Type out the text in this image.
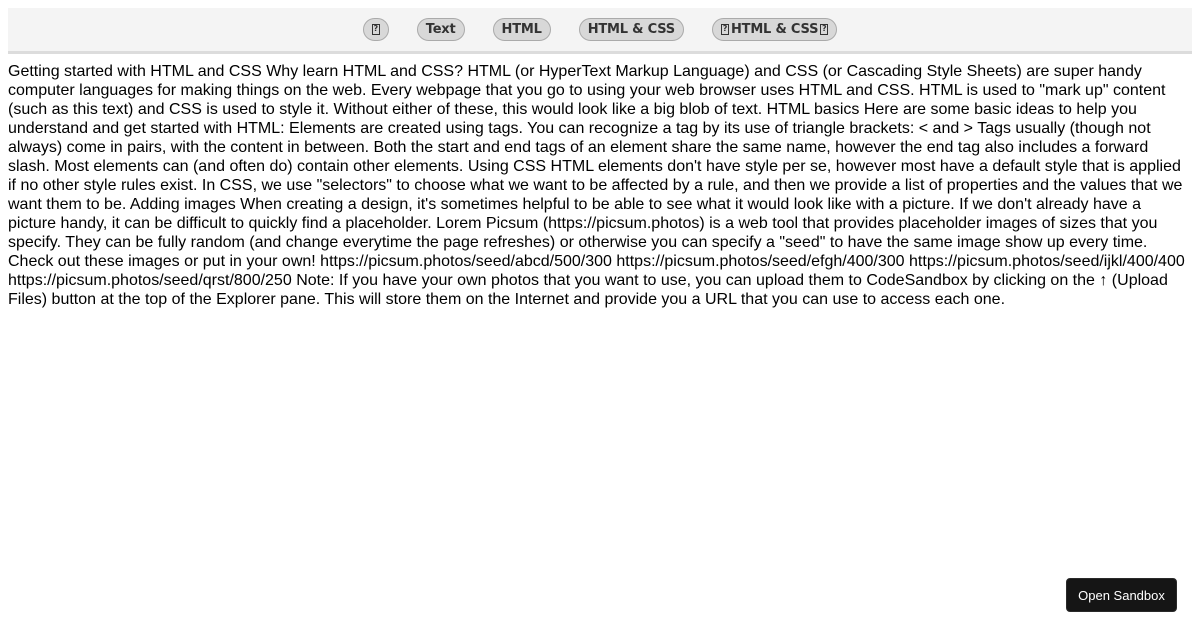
?
Text	HTML	HTML & CSS
?	HTML & CSS
?
Getting started with HTML and CSS Why learn HTML and CSS? HTML (or HyperText Markup Language) and CSS (or Cascading Style Sheets) are super handy computer languages for making things on the web. Every webpage that you go to using your web browser uses HTML and CSS. HTML is used to "mark up" content (such as this text) and CSS is used to style it. Without either of these, this would look like a big blob of text. HTML basics Here are some basic ideas to help you understand and get started with HTML: Elements are created using tags. You can recognize a tag by its use of triangle brackets: < and > Tags usually (though not always) come in pairs, with the content in between. Both the start and end tags of an element share the same name, however the end tag also includes a forward slash. Most elements can (and often do) contain other elements. Using CSS HTML elements don't have style per se, however most have a default style that is applied if no other style rules exist. In CSS, we use "selectors" to choose what we want to be affected by a rule, and then we provide a list of properties and the values that we want them to be. Adding images When creating a design, it's sometimes helpful to be able to see what it would look like with a picture. If we don't already have a picture handy, it can be difficult to quickly find a placeholder. Lorem Picsum (https://picsum.photos) is a web tool that provides placeholder images of sizes that you specify. They can be fully random (and change everytime the page refreshes) or otherwise you can specify a "seed" to have the same image show up every time. Check out these images or put in your own! https://picsum.photos/seed/abcd/500/300 https://picsum.photos/seed/efgh/400/300 https://picsum.photos/seed/ijkl/400/400 https://picsum.photos/seed/qrst/800/250 Note: If you have your own photos that you want to use, you can upload them to CodeSandbox by clicking on the ↑ (Upload Files) button at the top of the Explorer pane. This will store them on the Internet and provide you a URL that you can use to access each one.
Open Sandbox
